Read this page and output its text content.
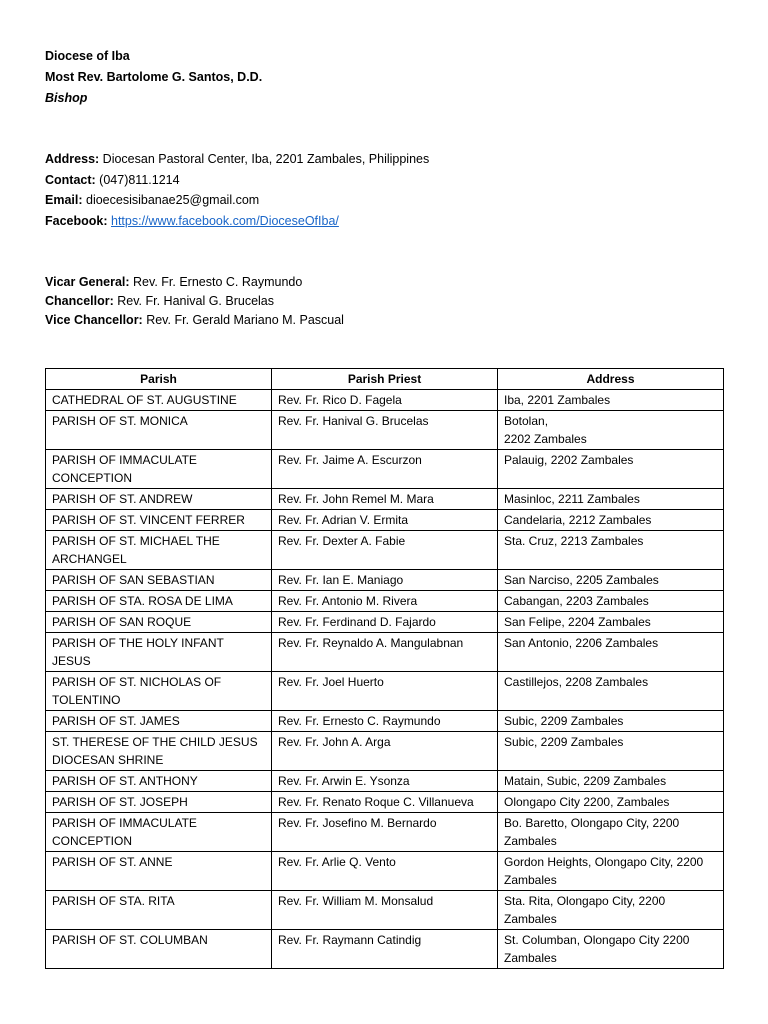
Diocese of Iba
Most Rev. Bartolome G. Santos, D.D.
Bishop
Address: Diocesan Pastoral Center, Iba, 2201 Zambales, Philippines
Contact: (047)811.1214
Email: dioecesisibanae25@gmail.com
Facebook: https://www.facebook.com/DioceseOfIba/
Vicar General: Rev. Fr. Ernesto C. Raymundo
Chancellor: Rev. Fr. Hanival G. Brucelas
Vice Chancellor: Rev. Fr. Gerald Mariano M. Pascual
Parish	Parish Priest	Address
CATHEDRAL OF ST. AUGUSTINE	Rev. Fr. Rico D. Fagela	Iba, 2201 Zambales
PARISH OF ST. MONICA	Rev. Fr. Hanival G. Brucelas	Botolan,
2202 Zambales
PARISH OF IMMACULATE CONCEPTION	Rev. Fr. Jaime A. Escurzon	Palauig, 2202 Zambales
PARISH OF ST. ANDREW	Rev. Fr. John Remel M. Mara	Masinloc, 2211 Zambales
PARISH OF ST. VINCENT FERRER	Rev. Fr. Adrian V. Ermita	Candelaria, 2212 Zambales
PARISH OF ST. MICHAEL THE ARCHANGEL	Rev. Fr. Dexter A. Fabie	Sta. Cruz, 2213 Zambales
PARISH OF SAN SEBASTIAN	Rev. Fr. Ian E. Maniago	San Narciso, 2205 Zambales
PARISH OF STA. ROSA DE LIMA	Rev. Fr. Antonio M. Rivera	Cabangan, 2203 Zambales
PARISH OF SAN ROQUE	Rev. Fr. Ferdinand D. Fajardo	San Felipe, 2204 Zambales
PARISH OF THE HOLY INFANT JESUS	Rev. Fr. Reynaldo A. Mangulabnan	San Antonio, 2206 Zambales
PARISH OF ST. NICHOLAS OF TOLENTINO	Rev. Fr. Joel Huerto	Castillejos, 2208 Zambales
PARISH OF ST. JAMES	Rev. Fr. Ernesto C. Raymundo	Subic, 2209 Zambales
ST. THERESE OF THE CHILD JESUS DIOCESAN SHRINE	Rev. Fr. John A. Arga	Subic, 2209 Zambales
PARISH OF ST. ANTHONY	Rev. Fr. Arwin E. Ysonza	Matain, Subic, 2209 Zambales
PARISH OF ST. JOSEPH	Rev. Fr. Renato Roque C. Villanueva	Olongapo City 2200, Zambales
PARISH OF IMMACULATE CONCEPTION	Rev. Fr. Josefino M. Bernardo	Bo. Baretto, Olongapo City, 2200 Zambales
PARISH OF ST. ANNE	Rev. Fr. Arlie Q. Vento	Gordon Heights, Olongapo City, 2200 Zambales
PARISH OF STA. RITA	Rev. Fr. William M. Monsalud	Sta. Rita, Olongapo City, 2200 Zambales
PARISH OF ST. COLUMBAN	Rev. Fr. Raymann Catindig	St. Columban, Olongapo City 2200 Zambales
